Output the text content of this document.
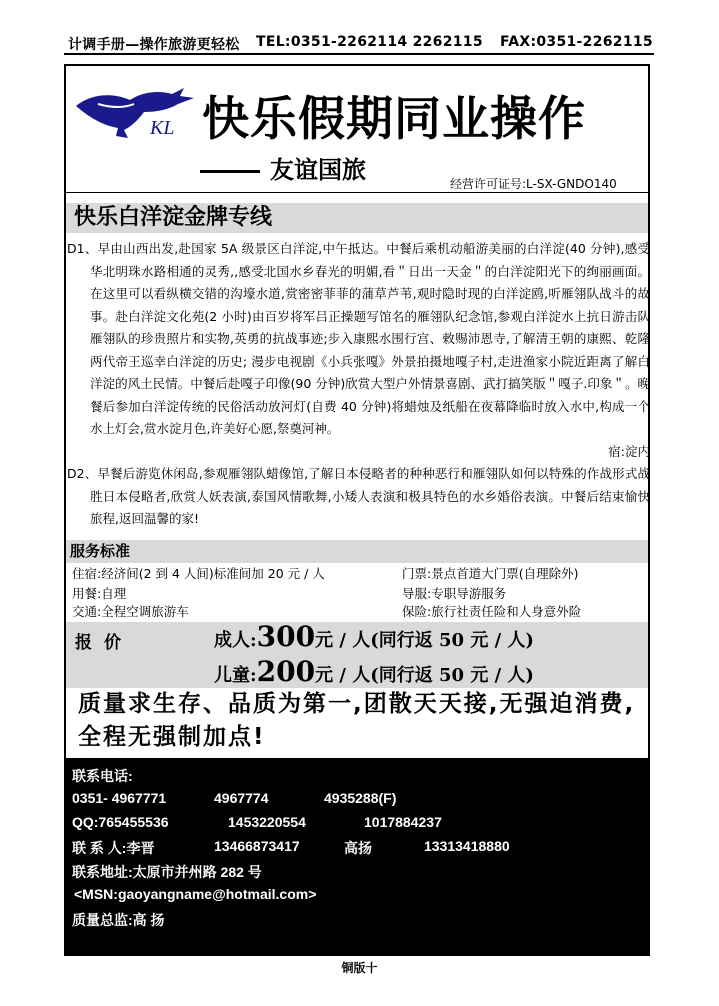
计调手册—操作旅游更轻松 TEL:0351-2262114 2262115 FAX:0351-2262115
KL 快乐假期同业操作
友谊国旅	经营许可证号:L-SX-GNDO140
快乐白洋淀金牌专线

D1、早由山西出发,赴国家 5A 级景区白洋淀,中午抵达。中餐后乘机动船游美丽的白洋淀(40 分钟),感受华北明珠水路相通的灵秀,,感受北国水乡春光的明媚,看＂日出一天金＂的白洋淀阳光下的绚丽画面。在这里可以看纵横交错的沟壕水道,赏密密菲菲的蒲草芦苇,观时隐时现的白洋淀鸥,听雁翎队战斗的故事。赴白洋淀文化苑(2 小时)由百岁将军吕正操题写馆名的雁翎队纪念馆,参观白洋淀水上抗日游击队雁翎队的珍贵照片和实物,英勇的抗战事迹;步入康熙水围行宫、敕赐沛恩寺,了解清王朝的康熙、乾隆两代帝王巡幸白洋淀的历史; 漫步电视剧《小兵张嘎》外景拍摄地嘎子村,走进渔家小院近距离了解白洋淀的风土民情。中餐后赴嘎子印像(90 分钟)欣赏大型户外情景喜剧、武打搞笑版＂嘎子.印象＂。晚餐后参加白洋淀传统的民俗活动放河灯(自费 40 分钟)将蜡烛及纸船在夜幕降临时放入水中,构成一个水上灯会,赏水淀月色,许美好心愿,祭奠河神。

宿:淀内

D2、早餐后游览休闲岛,参观雁翎队蜡像馆,了解日本侵略者的种种恶行和雁翎队如何以特殊的作战形式战胜日本侵略者,欣赏人妖表演,泰国风情歌舞,小矮人表演和极具特色的水乡婚俗表演。中餐后结束愉快旅程,返回温馨的家!

服务标准
住宿:经济间(2 到 4 人间)标准间加 20 元 / 人	门票:景点首道大门票(自理除外)
用餐:自理	导服:专职导游服务
交通:全程空调旅游车	保险:旅行社责任险和人身意外险
报价	成人:300元 / 人(同行返 50 元 / 人)
儿童:200元 / 人(同行返 50 元 / 人)
质量求生存、品质为第一,团散天天接,无强迫消费,全程无强制加点!
联系电话:
0351- 4967771	4967774	4935288(F)
QQ:765455536	1453220554	1017884237
联 系 人:李晋	13466873417	高扬	13313418880
联系地址:太原市并州路 282 号
<MSN:gaoyangname@hotmail.com>
质量总监:高 扬
铜版十
